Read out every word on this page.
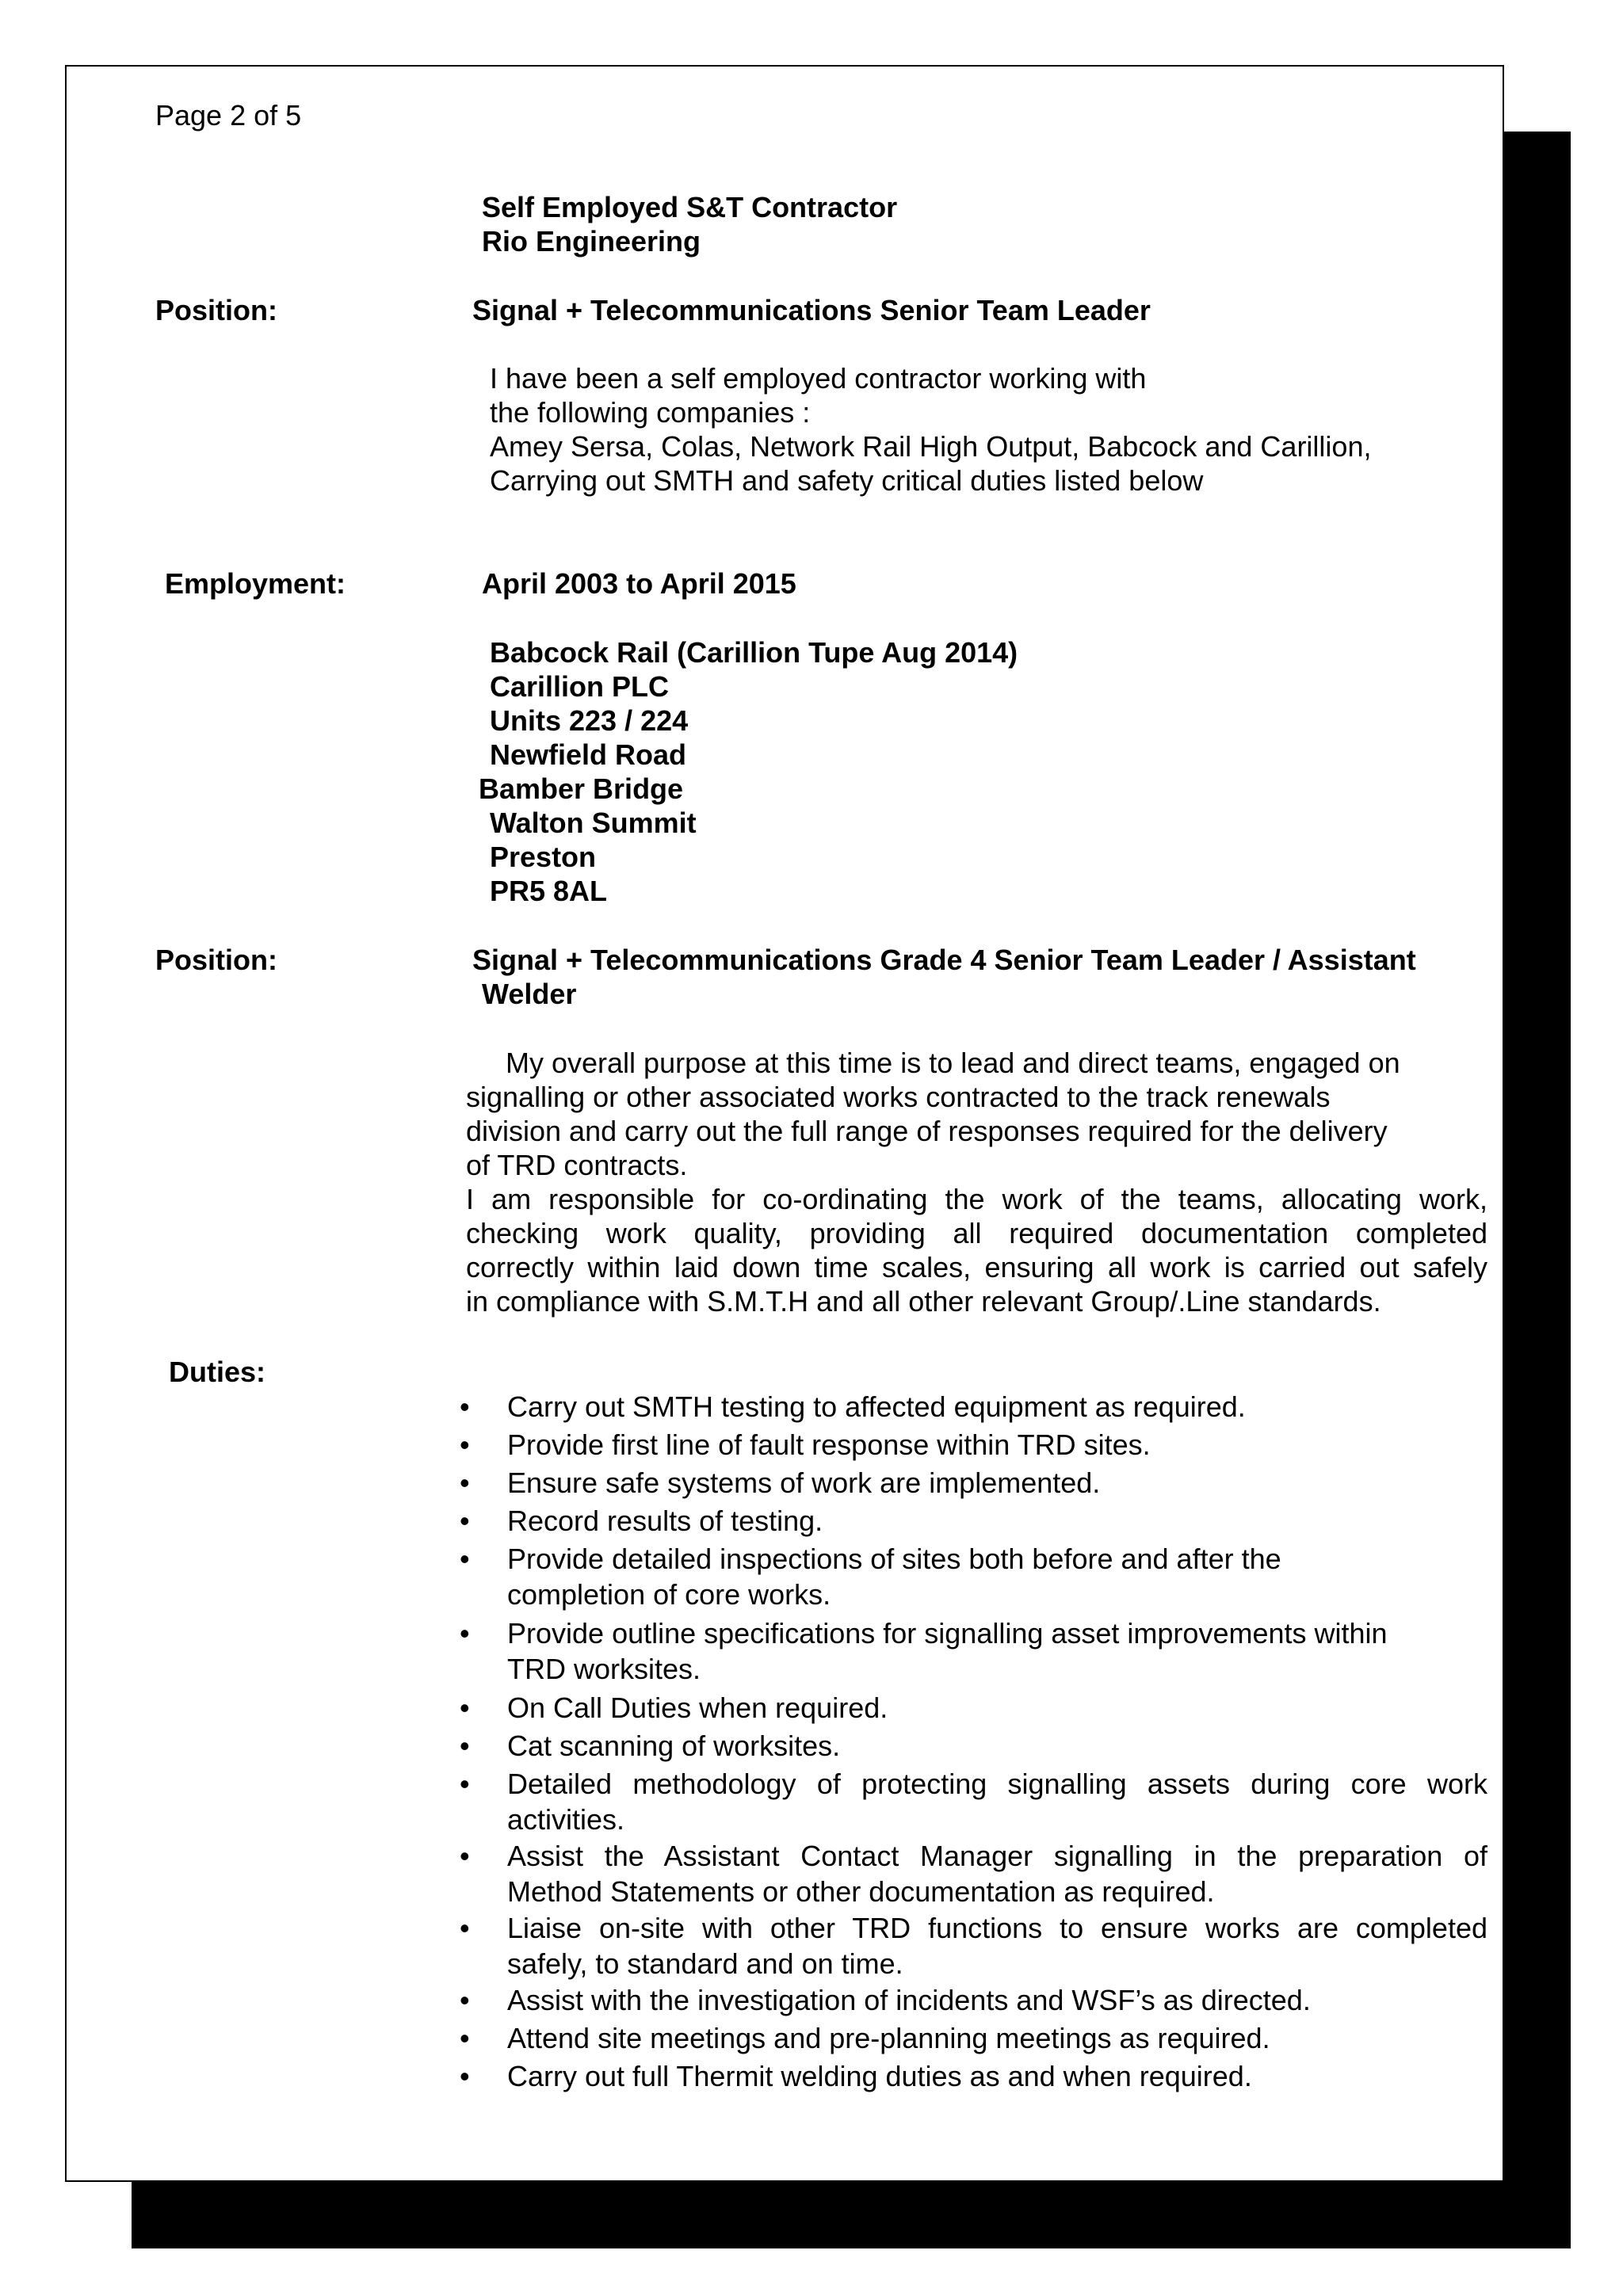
Page 2 of 5
Self Employed S&T Contractor
Rio Engineering
Position:	Signal + Telecommunications Senior Team Leader
I have been a self employed contractor working with
the following companies :
Amey Sersa, Colas, Network Rail High Output, Babcock and Carillion,
Carrying out SMTH and safety critical duties listed below
Employment:	April 2003 to April 2015
Babcock Rail (Carillion Tupe Aug 2014)
Carillion PLC
Units 223 / 224
Newfield Road
Bamber Bridge
Walton Summit
Preston
PR5 8AL
Position:	Signal + Telecommunications Grade 4 Senior Team Leader / Assistant
Welder
My overall purpose at this time is to lead and direct teams, engaged on
signalling or other associated works contracted to the track renewals
division and carry out the full range of responses required for the delivery
of TRD contracts.
I am responsible for co-ordinating the work of the teams, allocating work,
checking work quality, providing all required documentation completed
correctly within laid down time scales, ensuring all work is carried out safely
in compliance with S.M.T.H and all other relevant Group/.Line standards.
Duties:
• Carry out SMTH testing to affected equipment as required.
• Provide first line of fault response within TRD sites.
• Ensure safe systems of work are implemented.
• Record results of testing.
• Provide detailed inspections of sites both before and after the
completion of core works.
• Provide outline specifications for signalling asset improvements within
TRD worksites.
• On Call Duties when required.
• Cat scanning of worksites.
• Detailed methodology of protecting signalling assets during core work
activities.
• Assist the Assistant Contact Manager signalling in the preparation of
Method Statements or other documentation as required.
• Liaise on-site with other TRD functions to ensure works are completed
safely, to standard and on time.
• Assist with the investigation of incidents and WSF’s as directed.
• Attend site meetings and pre-planning meetings as required.
• Carry out full Thermit welding duties as and when required.
